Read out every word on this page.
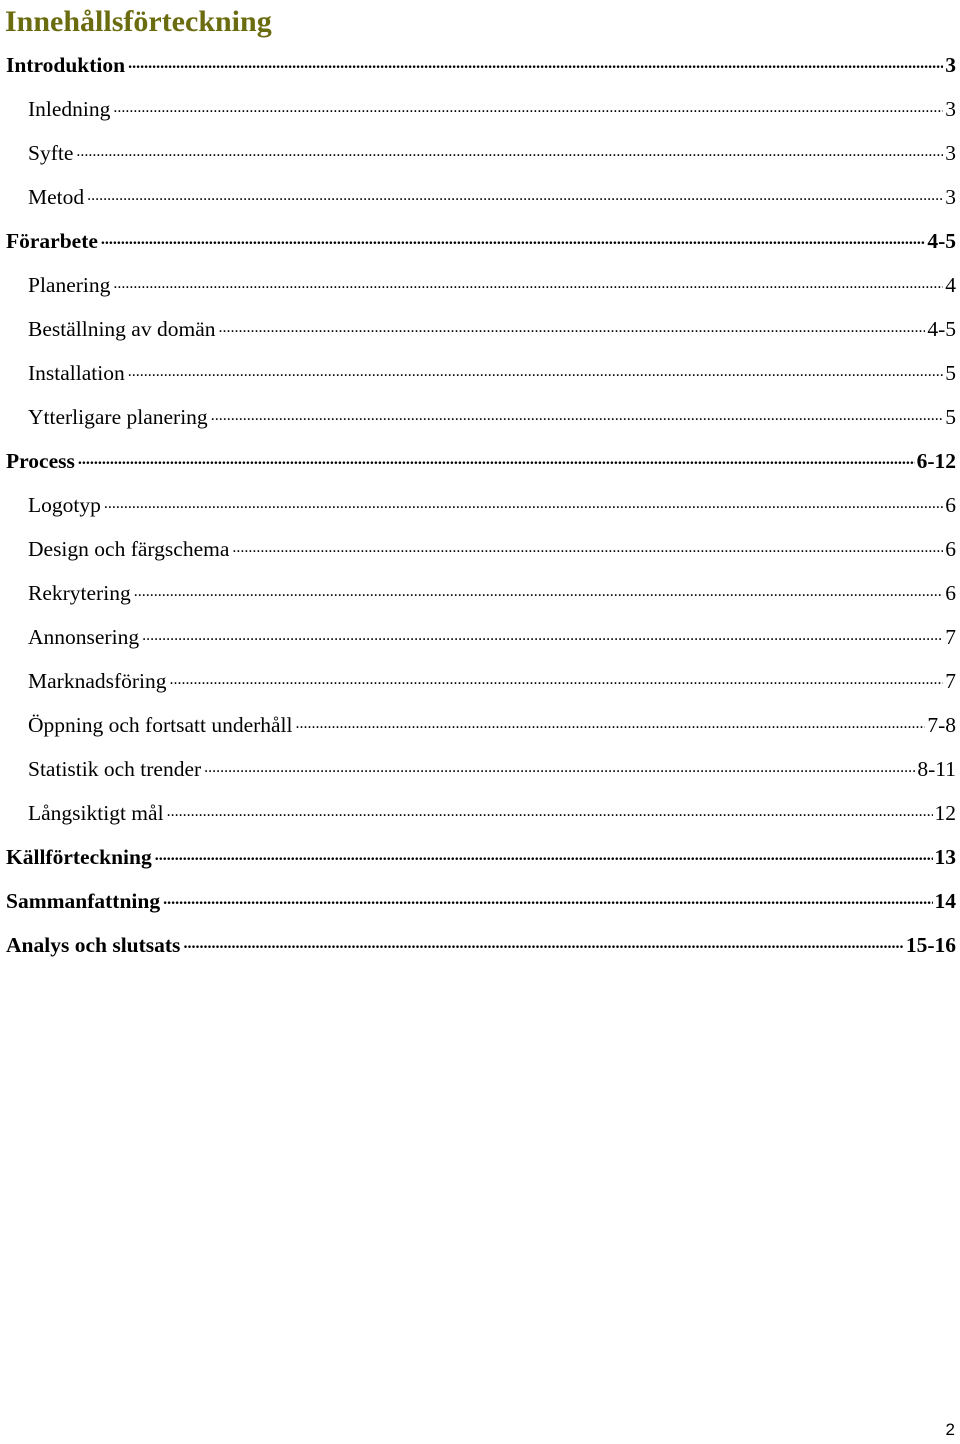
Innehållsförteckning
Introduktion .....	3
Inledning .....	3
Syfte .....	3
Metod .....	3
Förarbete .....	4-5
Planering .....	4
Beställning av domän .....	4-5
Installation .....	5
Ytterligare planering .....	5
Process .....	6-12
Logotyp .....	6
Design och färgschema .....	6
Rekrytering .....	6
Annonsering .....	7
Marknadsföring .....	7
Öppning och fortsatt underhåll .....	7-8
Statistik och trender .....	8-11
Långsiktigt mål .....	12
Källförteckning .....	13
Sammanfattning .....	14
Analys och slutsats .....	15-16
2
